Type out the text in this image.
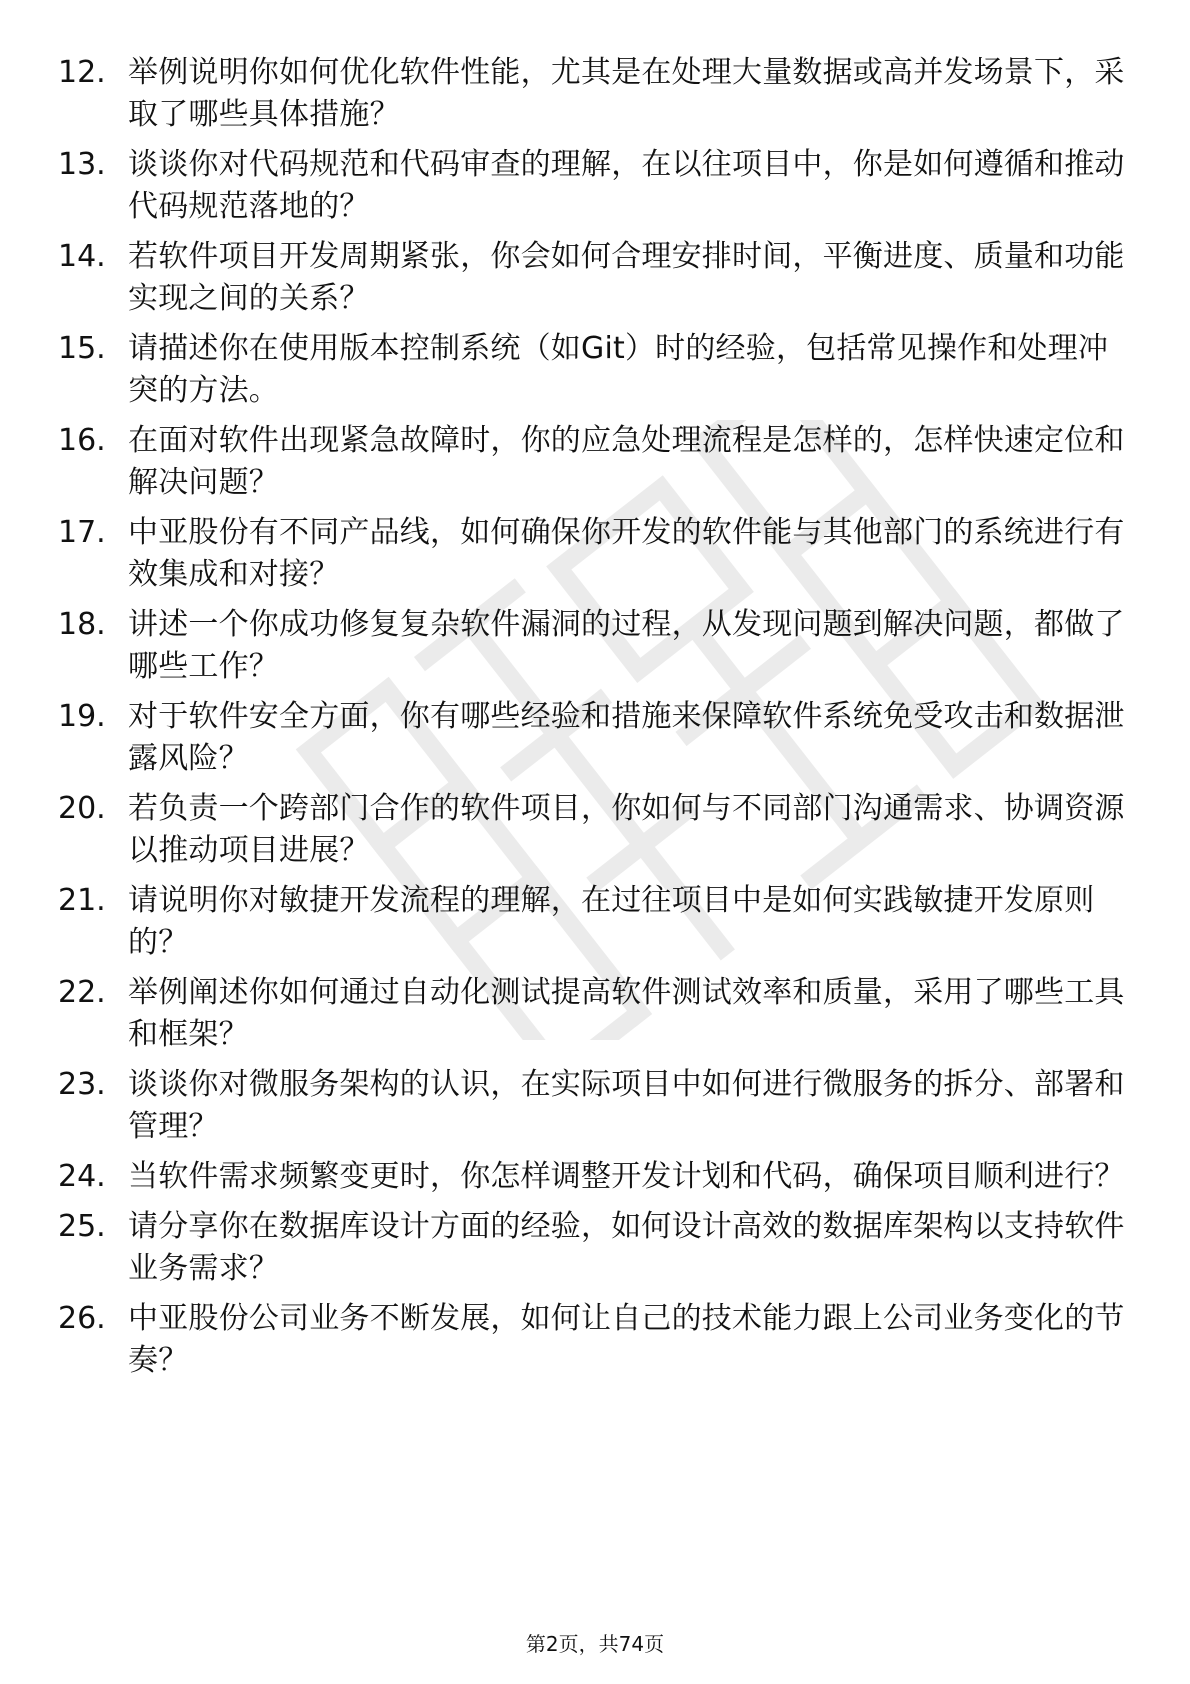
12. 举例说明你如何优化软件性能，尤其是在处理大量数据或高并发场景下，采取了哪些具体措施？
13. 谈谈你对代码规范和代码审查的理解，在以往项目中，你是如何遵循和推动代码规范落地的？
14. 若软件项目开发周期紧张，你会如何合理安排时间，平衡进度、质量和功能实现之间的关系？
15. 请描述你在使用版本控制系统（如Git）时的经验，包括常见操作和处理冲突的方法。
16. 在面对软件出现紧急故障时，你的应急处理流程是怎样的，怎样快速定位和解决问题？
17. 中亚股份有不同产品线，如何确保你开发的软件能与其他部门的系统进行有效集成和对接？
18. 讲述一个你成功修复复杂软件漏洞的过程，从发现问题到解决问题，都做了哪些工作？
19. 对于软件安全方面，你有哪些经验和措施来保障软件系统免受攻击和数据泄露风险？
20. 若负责一个跨部门合作的软件项目，你如何与不同部门沟通需求、协调资源以推动项目进展？
21. 请说明你对敏捷开发流程的理解，在过往项目中是如何实践敏捷开发原则的？
22. 举例阐述你如何通过自动化测试提高软件测试效率和质量，采用了哪些工具和框架？
23. 谈谈你对微服务架构的认识，在实际项目中如何进行微服务的拆分、部署和管理？
24. 当软件需求频繁变更时，你怎样调整开发计划和代码，确保项目顺利进行？
25. 请分享你在数据库设计方面的经验，如何设计高效的数据库架构以支持软件业务需求？
26. 中亚股份公司业务不断发展，如何让自己的技术能力跟上公司业务变化的节奏？
第2页，共74页
